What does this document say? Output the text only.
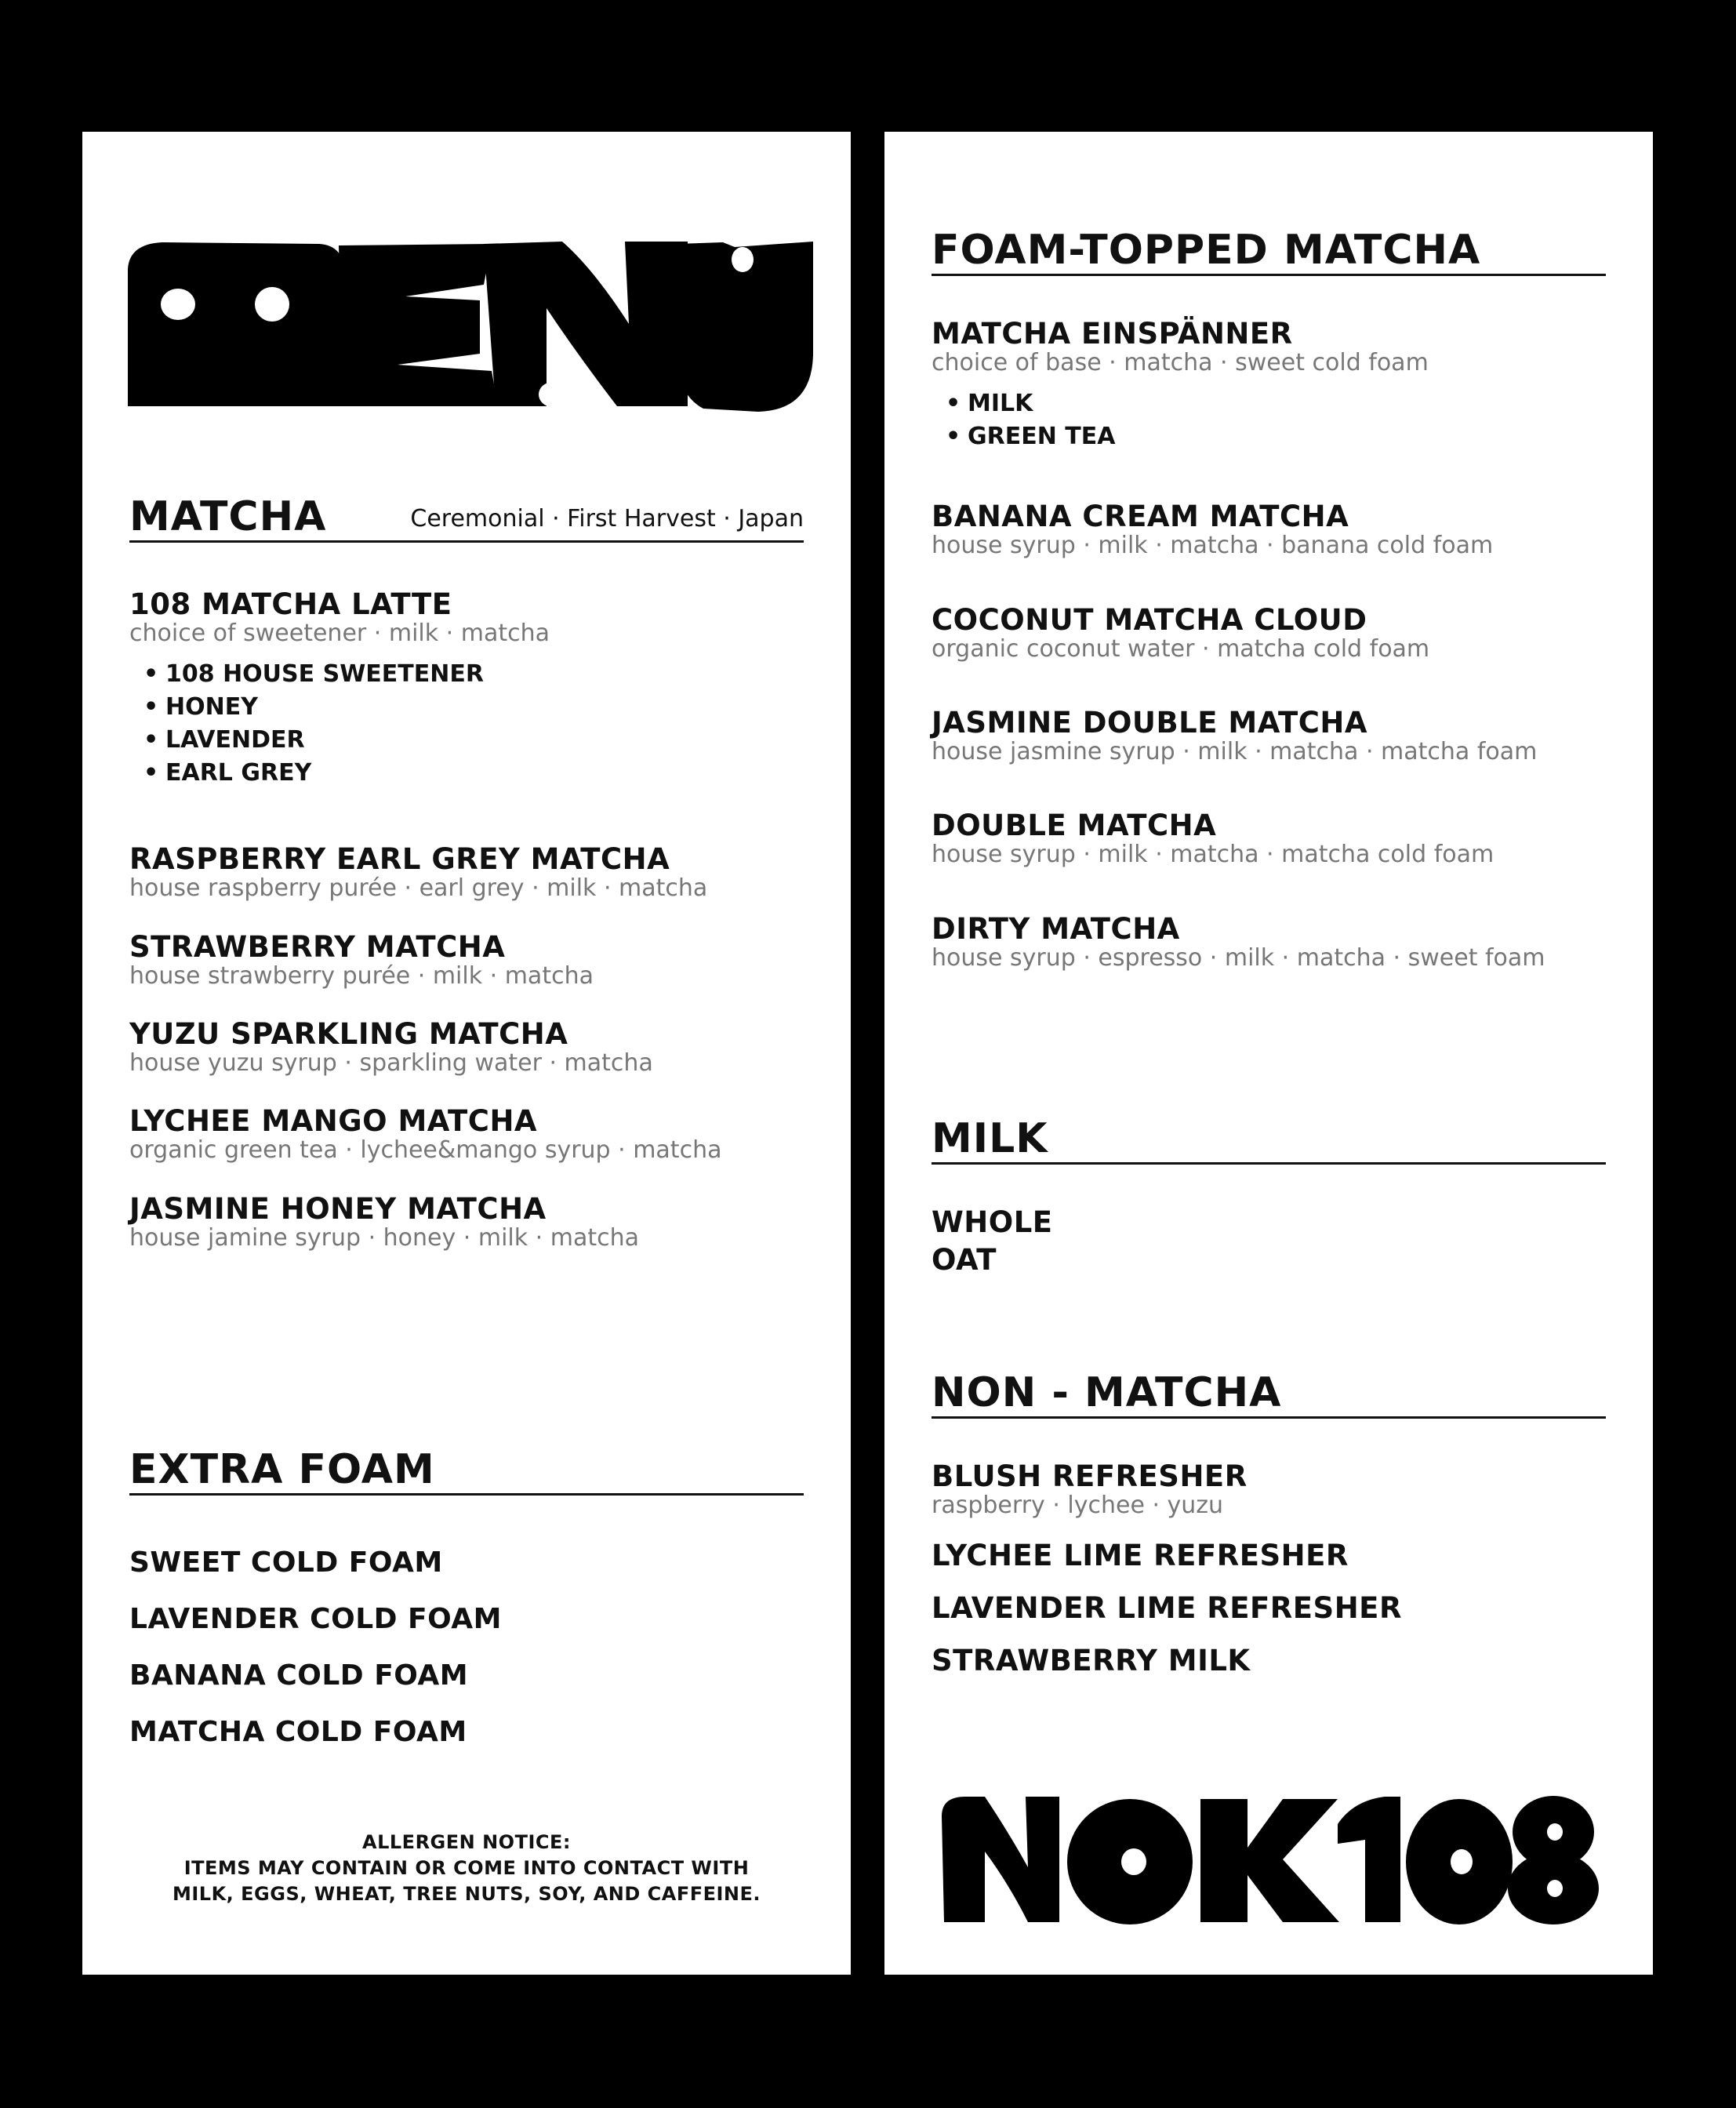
MATCHA	Ceremonial · First Harvest · Japan
108 MATCHA LATTE
choice of sweetener · milk · matcha
• 108 HOUSE SWEETENER
• HONEY
• LAVENDER
• EARL GREY
RASPBERRY EARL GREY MATCHA
house raspberry purée · earl grey · milk · matcha
STRAWBERRY MATCHA
house strawberry purée · milk · matcha
YUZU SPARKLING MATCHA
house yuzu syrup · sparkling water · matcha
LYCHEE MANGO MATCHA
organic green tea · lychee&mango syrup · matcha
JASMINE HONEY MATCHA
house jamine syrup · honey · milk · matcha
EXTRA FOAM
SWEET COLD FOAM
LAVENDER COLD FOAM
BANANA COLD FOAM
MATCHA COLD FOAM
ALLERGEN NOTICE:
ITEMS MAY CONTAIN OR COME INTO CONTACT WITH
MILK, EGGS, WHEAT, TREE NUTS, SOY, AND CAFFEINE.
FOAM-TOPPED MATCHA
MATCHA EINSPÄNNER
choice of base · matcha · sweet cold foam
• MILK
• GREEN TEA
BANANA CREAM MATCHA
house syrup · milk · matcha · banana cold foam
COCONUT MATCHA CLOUD
organic coconut water · matcha cold foam
JASMINE DOUBLE MATCHA
house jasmine syrup · milk · matcha · matcha foam
DOUBLE MATCHA
house syrup · milk · matcha · matcha cold foam
DIRTY MATCHA
house syrup · espresso · milk · matcha · sweet foam
MILK
WHOLE
OAT
NON - MATCHA
BLUSH REFRESHER
raspberry · lychee · yuzu
LYCHEE LIME REFRESHER
LAVENDER LIME REFRESHER
STRAWBERRY MILK
